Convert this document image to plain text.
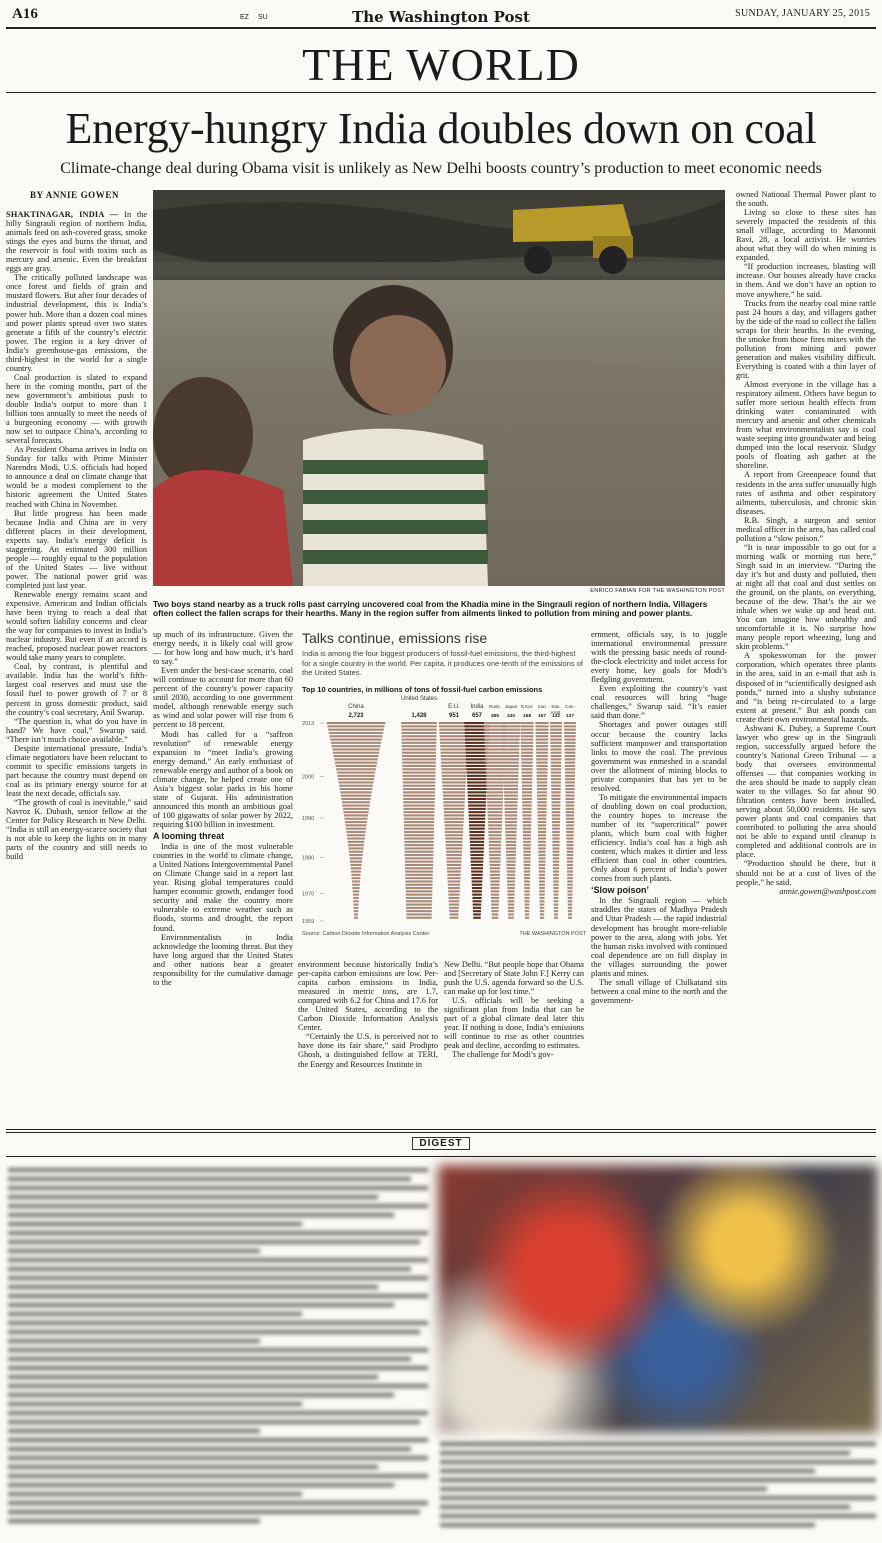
A16	EZ SU	The Washington Post	SUNDAY, JANUARY 25, 2015
THE WORLD
Energy-hungry India doubles down on coal
Climate-change deal during Obama visit is unlikely as New Delhi boosts country’s production to meet economic needs
BY ANNIE GOWEN

SHAKTINAGAR, INDIA — In the hilly Singrauli region of northern India, animals feed on ash-covered grass, smoke stings the eyes and burns the throat, and the reservoir is foul with toxins such as mercury and arsenic. Even the breakfast eggs are gray.

The critically polluted landscape was once forest and fields of grain and mustard flowers. But after four decades of industrial development, this is India’s power hub. More than a dozen coal mines and power plants spread over two states generate a fifth of the country’s electric power. The region is a key driver of India’s greenhouse-gas emissions, the third-highest in the world for a single country.

Coal production is slated to expand here in the coming months, part of the new government’s ambitious push to double India’s output to more than 1 billion tons annually to meet the needs of a burgeoning economy — with growth now set to outpace China’s, according to several forecasts.

As President Obama arrives in India on Sunday for talks with Prime Minister Narendra Modi, U.S. officials had hoped to announce a deal on climate change that would be a modest complement to the historic agreement the United States reached with China in November.

But little progress has been made because India and China are in very different places in their development, experts say. India’s energy deficit is staggering. An estimated 300 million people — roughly equal to the population of the United States — live without power. The national power grid was completed just last year.

Renewable energy remains scant and expensive. American and Indian officials have been trying to reach a deal that would soften liability concerns and clear the way for companies to invest in India’s nuclear industry. But even if an accord is reached, proposed nuclear power reactors would take many years to complete.

Coal, by contrast, is plentiful and available. India has the world’s fifth-largest coal reserves and must use the fossil fuel to power growth of 7 or 8 percent in gross domestic product, said the country’s coal secretary, Anil Swarup.

“The question is, what do you have in hand? We have coal,” Swarup said. “There isn’t much choice available.”

Despite international pressure, India’s climate negotiators have been reluctant to commit to specific emissions targets in part because the country must depend on coal as its primary energy source for at least the next decade, officials say.

“The growth of coal is inevitable,” said Navroz K. Dubash, senior fellow at the Center for Policy Research in New Delhi. “India is still an energy-scarce society that is not able to keep the lights on in many parts of the country and still needs to build

ENRICO FABIAN FOR THE WASHINGTON POST
Two boys stand nearby as a truck rolls past carrying uncovered coal from the Khadia mine in the Singrauli region of northern India. Villagers often collect the fallen scraps for their hearths. Many in the region suffer from ailments linked to pollution from mining and power plants.

up much of its infrastructure. Given the energy needs, it is likely coal will grow — for how long and how much, it’s hard to say.”

Even under the best-case scenario, coal will continue to account for more than 60 percent of the country’s power capacity until 2030, according to one government model, although renewable energy such as wind and solar power will rise from 6 percent to 18 percent.

Modi has called for a “saffron revolution” of renewable energy expansion to “meet India’s growing energy demand.” An early enthusiast of renewable energy and author of a book on climate change, he helped create one of Asia’s biggest solar parks in his home state of Gujarat. His administration announced this month an ambitious goal of 100 gigawatts of solar power by 2022, requiring $100 billion in investment.

A looming threat

India is one of the most vulnerable countries in the world to climate change, a United Nations Intergovernmental Panel on Climate Change said in a report last year. Rising global temperatures could hamper economic growth, endanger food security and make the country more vulnerable to extreme weather such as floods, storms and drought, the report found.

Environmentalists in India acknowledge the looming threat. But they have long argued that the United States and other nations bear a greater responsibility for the cumulative damage to the

Talks continue, emissions rise
India is among the four biggest producers of fossil-fuel emissions, the third-highest for a single country in the world. Per capita, it produces one-tenth of the emissions of the United States.
Top 10 countries, in millions of tons of fossil-fuel carbon emissions
China
2,723
United States
1,428
E.U.
951
India
657
Russ.
495
Japan
340
S.Kor.
168
Iran
167
Sau. Arab.
142
Can.
137
2013
2000
1990
1980
1970
1959
Source: Carbon Dioxide Information Analysis Center	THE WASHINGTON POST

environment because historically India’s per-capita carbon emissions are low. Per-capita carbon emissions in India, measured in metric tons, are 1.7, compared with 6.2 for China and 17.6 for the United States, according to the Carbon Dioxide Information Analysis Center.

“Certainly the U.S. is perceived not to have done its fair share,” said Prodipto Ghosh, a distinguished fellow at TERI, the Energy and Resources Institute in

New Delhi. “But people hope that Obama and [Secretary of State John F.] Kerry can push the U.S. agenda forward so the U.S. can make up for lost time.”

U.S. officials will be seeking a significant plan from India that can be part of a global climate deal later this year. If nothing is done, India’s emissions will continue to rise as other countries peak and decline, according to estimates.

The challenge for Modi’s gov-

ernment, officials say, is to juggle international environmental pressure with the pressing basic needs of round-the-clock electricity and toilet access for every home, key goals for Modi’s fledgling government.

Even exploiting the country’s vast coal resources will bring “huge challenges,” Swarup said. “It’s easier said than done.”

Shortages and power outages still occur because the country lacks sufficient manpower and transportation links to move the coal. The previous government was enmeshed in a scandal over the allotment of mining blocks to private companies that has yet to be resolved.

To mitigate the environmental impacts of doubling down on coal production, the country hopes to increase the number of its “supercritical” power plants, which burn coal with higher efficiency. India’s coal has a high ash content, which makes it dirtier and less efficient than coal in other countries. Only about 6 percent of India’s power comes from such plants.

‘Slow poison’

In the Singrauli region — which straddles the states of Madhya Pradesh and Uttar Pradesh — the rapid industrial development has brought more-reliable power to the area, along with jobs. Yet the human risks involved with continued coal dependence are on full display in the villages surrounding the power plants and mines.

The small village of Chilkatand sits between a coal mine to the north and the government-

owned National Thermal Power plant to the south.

Living so close to these sites has severely impacted the residents of this small village, according to Manonnit Ravi, 28, a local activist. He worries about what they will do when mining is expanded.

“If production increases, blasting will increase. Our houses already have cracks in them. And we don’t have an option to move anywhere,” he said.

Trucks from the nearby coal mine rattle past 24 hours a day, and villagers gather by the side of the road to collect the fallen scraps for their hearths. In the evening, the smoke from those fires mixes with the pollution from mining and power generation and makes visibility difficult. Everything is coated with a thin layer of grit.

Almost everyone in the village has a respiratory ailment. Others have begun to suffer more serious health effects from drinking water contaminated with mercury and arsenic and other chemicals from what environmentalists say is coal waste seeping into groundwater and being dumped into the local reservoir. Sludgy pools of floating ash gather at the shoreline.

A report from Greenpeace found that residents in the area suffer unusually high rates of asthma and other respiratory ailments, tuberculosis, and chronic skin diseases.

R.B. Singh, a surgeon and senior medical officer in the area, has called coal pollution a “slow poison.”

“It is near impossible to go out for a morning walk or morning run here,” Singh said in an interview. “During the day it’s hot and dusty and polluted, then at night all that coal and dust settles on the ground, on the plants, on everything, because of the dew. That’s the air we inhale when we wake up and head out. You can imagine how unhealthy and uncomfortable it is. No surprise how many people report wheezing, lung and skin problems.”

A spokeswoman for the power corporation, which operates three plants in the area, said in an e-mail that ash is disposed of in “scientifically designed ash ponds,” turned into a slushy substance and “is being re-circulated to a large extent at present.” But ash ponds can create their own environmental hazards.

Ashwani K. Dubey, a Supreme Court lawyer who grew up in the Singrauli region, successfully argued before the country’s National Green Tribunal — a body that oversees environmental offenses — that companies working in the area should be made to supply clean water to the villages. So far about 90 filtration centers have been installed, serving about 50,000 residents. He says power plants and coal companies that contributed to polluting the area should not be able to expand until cleanup is completed and additional controls are in place.

“Production should be there, but it should not be at a cost of lives of the people,” he said.

annie.gowen@washpost.com
DIGEST
